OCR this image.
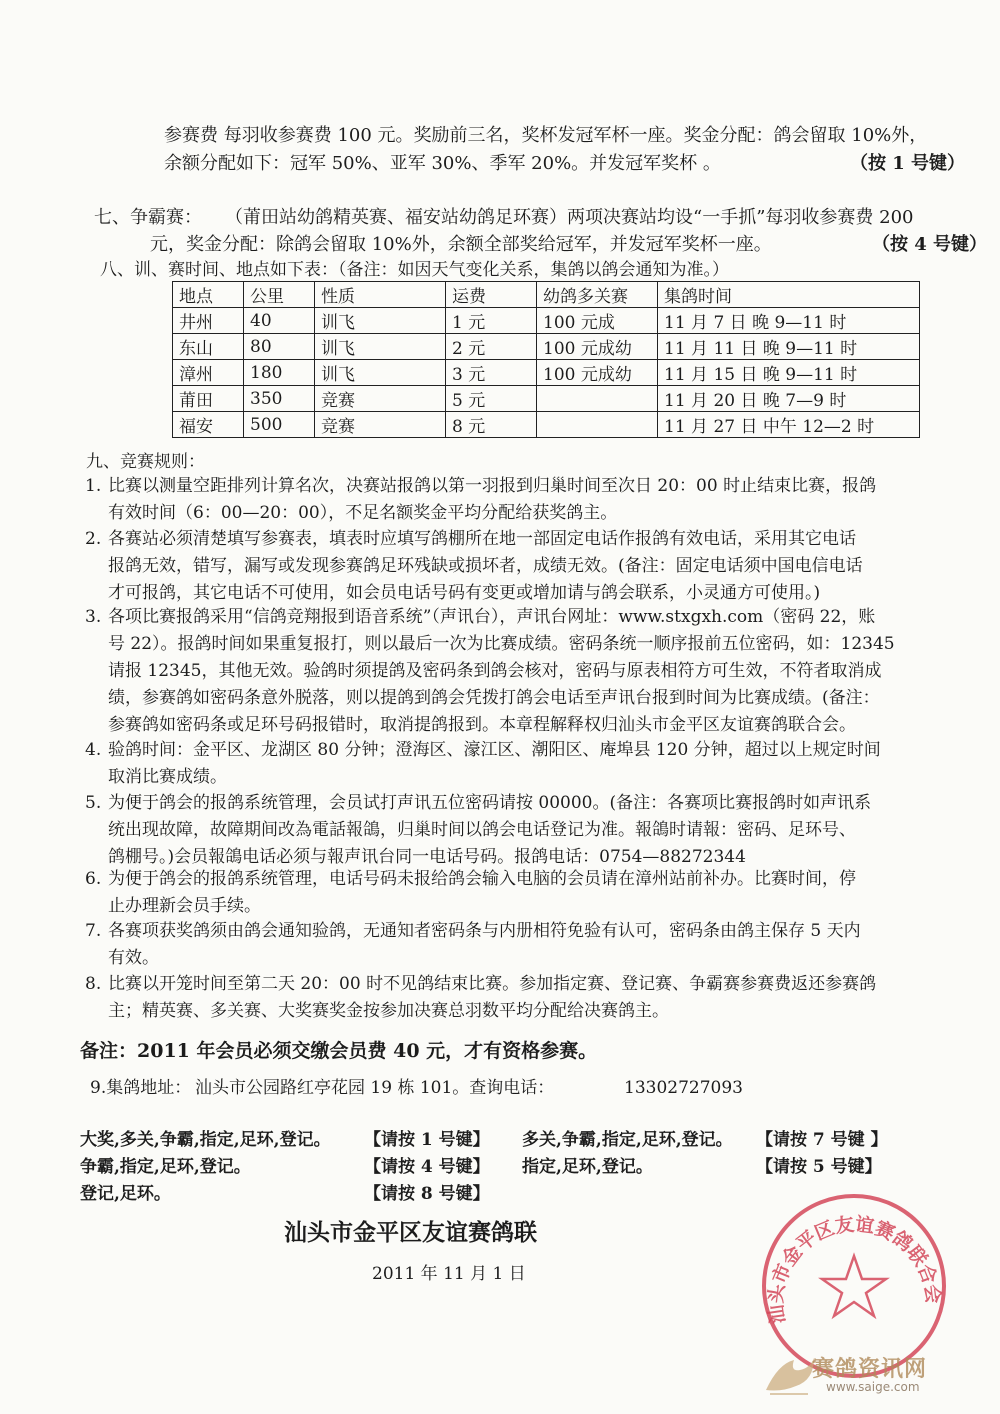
参赛费 每羽收参赛费 100 元。奖励前三名，奖杯发冠军杯一座。奖金分配：鸽会留取 10%外，
余额分配如下：冠军 50%、亚军 30%、季军 20%。并发冠军奖杯 。	（按 1 号键）
七、争霸赛： （莆田站幼鸽精英赛、福安站幼鸽足环赛）两项决赛站均设“一手抓”每羽收参赛费 200
元，奖金分配：除鸽会留取 10%外，余额全部奖给冠军，并发冠军奖杯一座。	（按 4 号键）
八、训、赛时间、地点如下表：（备注：如因天气变化关系，集鸽以鸽会通知为准。）
地点	公里	性质	运费	幼鸽多关赛	集鸽时间
井州	40	训飞	1 元	100 元成	11 月 7 日 晚 9—11 时
东山	80	训飞	2 元	100 元成幼	11 月 11 日 晚 9—11 时
漳州	180	训飞	3 元	100 元成幼	11 月 15 日 晚 9—11 时
莆田	350	竞赛	5 元		11 月 20 日 晚 7—9 时
福安	500	竞赛	8 元		11 月 27 日 中午 12—2 时
九、竞赛规则：
1. 比赛以测量空距排列计算名次，决赛站报鸽以第一羽报到归巢时间至次日 20：00 时止结束比赛，报鸽

有效时间（6：00—20：00），不足名额奖金平均分配给获奖鸽主。

2. 各赛站必须清楚填写参赛表，填表时应填写鸽棚所在地一部固定电话作报鸽有效电话，采用其它电话

报鸽无效，错写，漏写或发现参赛鸽足环残缺或损坏者，成绩无效。(备注：固定电话须中国电信电话

才可报鸽，其它电话不可使用，如会员电话号码有变更或增加请与鸽会联系，小灵通方可使用。)

3. 各项比赛报鸽采用“信鸽竞翔报到语音系统”（声讯台），声讯台网址：www.stxgxh.com（密码 22，账

号 22）。报鸽时间如果重复报打，则以最后一次为比赛成绩。密码条统一顺序报前五位密码，如：12345

请报 12345，其他无效。验鸽时须提鸽及密码条到鸽会核对，密码与原表相符方可生效，不符者取消成

绩，参赛鸽如密码条意外脱落，则以提鸽到鸽会凭拨打鸽会电话至声讯台报到时间为比赛成绩。(备注：

参赛鸽如密码条或足环号码报错时，取消提鸽报到。本章程解释权归汕头市金平区友谊赛鸽联合会。

4. 验鸽时间：金平区、龙湖区 80 分钟；澄海区、濠江区、潮阳区、庵埠县 120 分钟，超过以上规定时间

取消比赛成绩。

5. 为便于鸽会的报鸽系统管理，会员试打声讯五位密码请按 00000。(备注：各赛项比赛报鸽时如声讯系

统出现故障，故障期间改為電話報鴿，归巢时间以鸽会电话登记为准。報鴿时请報：密码、足环号、

鸽棚号。)会员報鴿电话必须与報声讯台同一电话号码。报鸽电话：0754—88272344

6. 为便于鸽会的报鸽系统管理，电话号码未报给鸽会输入电脑的会员请在漳州站前补办。比赛时间，停

止办理新会员手续。

7. 各赛项获奖鸽须由鸽会通知验鸽，无通知者密码条与内册相符免验有认可，密码条由鸽主保存 5 天内

有效。

8. 比赛以开笼时间至第二天 20：00 时不见鸽结束比赛。参加指定赛、登记赛、争霸赛参赛费返还参赛鸽

主；精英赛、多关赛、大奖赛奖金按参加决赛总羽数平均分配给决赛鸽主。

备注：2011 年会员必须交缴会员费 40 元，才有资格参赛。
9.集鸽地址： 汕头市公园路红亭花园 19 栋 101。查询电话：	13302727093
大奖,多关,争霸,指定,足环,登记。 【请按 1 号键】
争霸,指定,足环,登记。	【请按 4 号键】
登记,足环。	【请按 8 号键】
多关,争霸,指定,足环,登记。 【请按 7 号键 】
指定,足环,登记。	【请按 5 号键】
汕头市金平区友谊赛鸽联
2011 年 11 月 1 日
汕头市金平区友谊赛鸽联合会
赛鸽资讯网
www.saige.com
